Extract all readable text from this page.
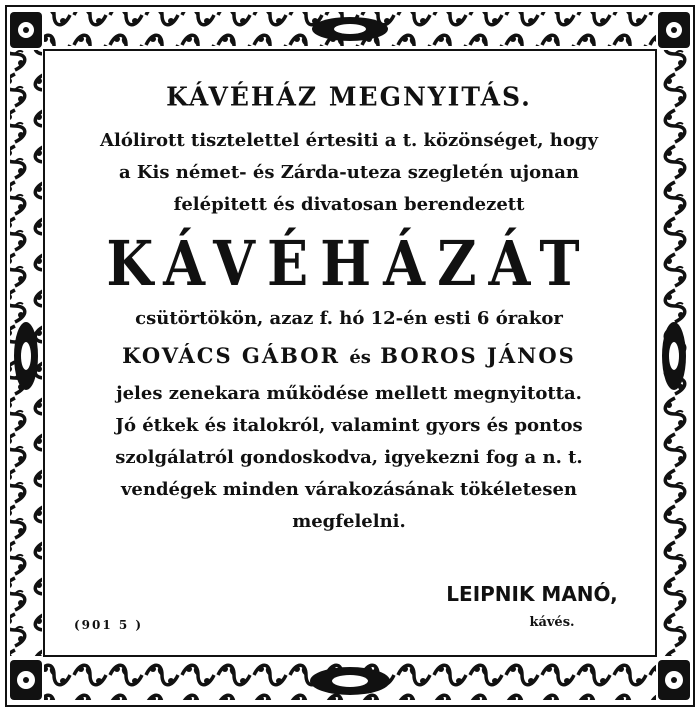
KÁVÉHÁZ MEGNYITÁS.

Alólirott tisztelettel értesiti a t. közönséget, hogy

a Kis német- és Zárda-uteza szegletén ujonan

felépitett és divatosan berendezett

KÁVÉHÁZÁT

csütörtökön, azaz f. hó 12-én esti 6 órakor

KOVÁCS GÁBOR és BOROS JÁNOS

jeles zenekara működése mellett megnyitotta.

Jó étkek és italokról, valamint gyors és pontos

szolgálatról gondoskodva, igyekezni fog a n. t.

vendégek minden várakozásának tökéletesen

megfelelni.

(901 5 )
LEIPNIK MANÓ,
kávés.
